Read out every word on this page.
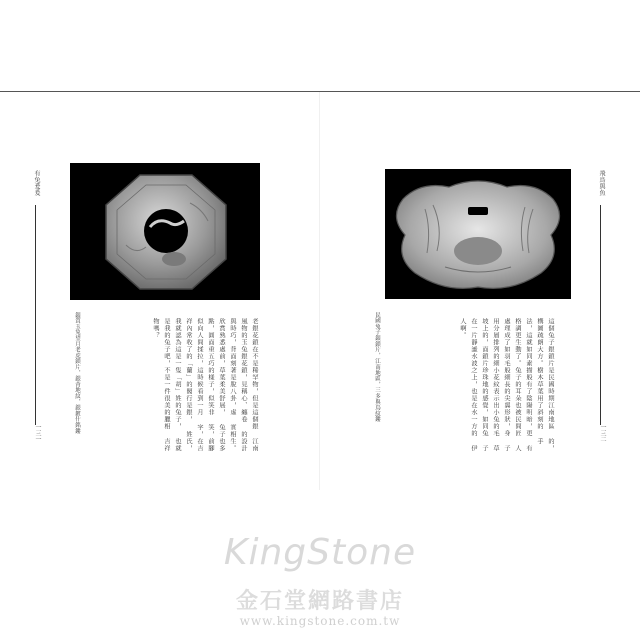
有兔爰爰
銀質玉兔望月老虎鎖片，銀背地紋，銀鍍什銘鏤	老銀花鎖在不是稀罕物，但是這個銀 江南風物的玉兔銀花鎖，見稱心、纏卷 的設計與時巧，背面刻著是脫八卦，虛 實相生。欣賞熟悉處前，草葉柔美舒展， 兔子也多點，圓面重五巧的樣子，似笑非 笑，前腳似向人間揉拉，這時候看到一月 字，在吉祥內常收了的「蘭」的閣行是銀， 姓氏，我就認為這是一隻「胡」姓的兔子， 也就是我的兔子吧，不是一件很美的臘相 吉祥物嗎？
一三一
飛鳥與魚
民國兔子銀鎖片，江南地區，三多與鳥紋鏤	這個兔子銀鎖片是民國時期江南地區 的，構圖疏朗大方。樹木草葉用了斜刻的 手法，這就如同素描般有了陰陽明暗，更 有格調更生動了。兔子的耳朵也被民間匠 人處理成了如羽毛般細長的尖翼形狀，身 子用分層排列的細小花紋表示出小兔的毛 草坡上的，面鎖片珍珠地的感覺，如同兔 子在一片靜謐水波之上，也是在水一方的 伊人啊。
一三二
KingStone
金石堂網路書店
www.kingstone.com.tw
